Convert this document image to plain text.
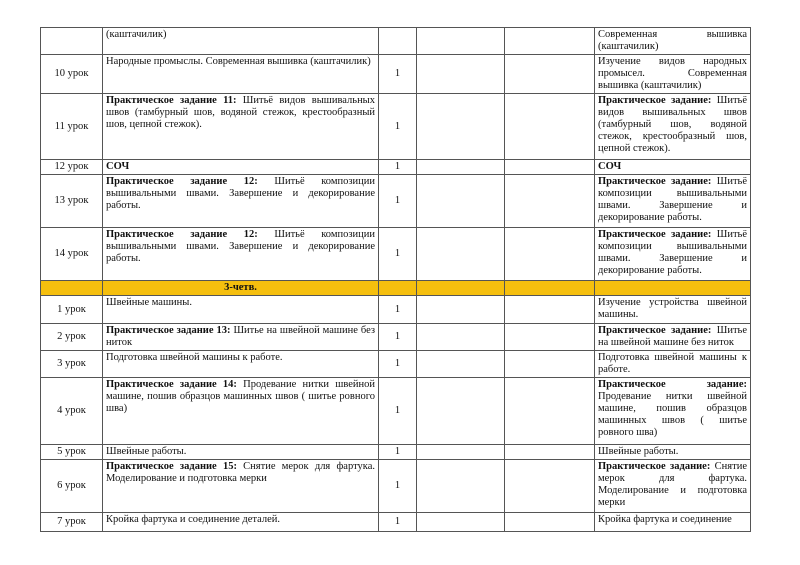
	(каштачилик)				Современная вышивка (каштачилик)
10 урок	Народные промыслы. Современная вышивка (каштачилик)	1			Изучение видов народных промысел. Современная вышивка (каштачилик)
11 урок	Практическое задание 11: Шитьё видов вышивальных швов (тамбурный шов, водяной стежок, крестообразный шов, цепной стежок).	1			Практическое задание: Шитьё видов вышивальных швов (тамбурный шов, водяной стежок, крестообразный шов, цепной стежок).
12 урок	СОЧ	1			СОЧ
13 урок	Практическое задание 12: Шитьё композиции вышивальными швами. Завершение и декорирование работы.	1			Практическое задание: Шитьё композиции вышивальными швами. Завершение и декорирование работы.
14 урок	Практическое задание 12: Шитьё композиции вышивальными швами. Завершение и декорирование работы.	1			Практическое задание: Шитьё композиции вышивальными швами. Завершение и декорирование работы.
	3-четв.				
1 урок	Швейные машины.	1			Изучение устройства швейной машины.
2 урок	Практическое задание 13: Шитье на швейной машине без ниток	1			Практическое задание: Шитье на швейной машине без ниток
3 урок	Подготовка швейной машины к работе.	1			Подготовка швейной машины к работе.
4 урок	Практическое задание 14: Продевание нитки швейной машине, пошив образцов машинных швов ( шитье ровного шва)	1			Практическое задание: Продевание нитки швейной машине, пошив образцов машинных швов ( шитье ровного шва)
5 урок	Швейные работы.	1			Швейные работы.
6 урок	Практическое задание 15: Снятие мерок для фартука. Моделирование и подготовка мерки	1			Практическое задание: Снятие мерок для фартука. Моделирование и подготовка мерки
7 урок	Кройка фартука и соединение деталей.	1			Кройка фартука и соединение
